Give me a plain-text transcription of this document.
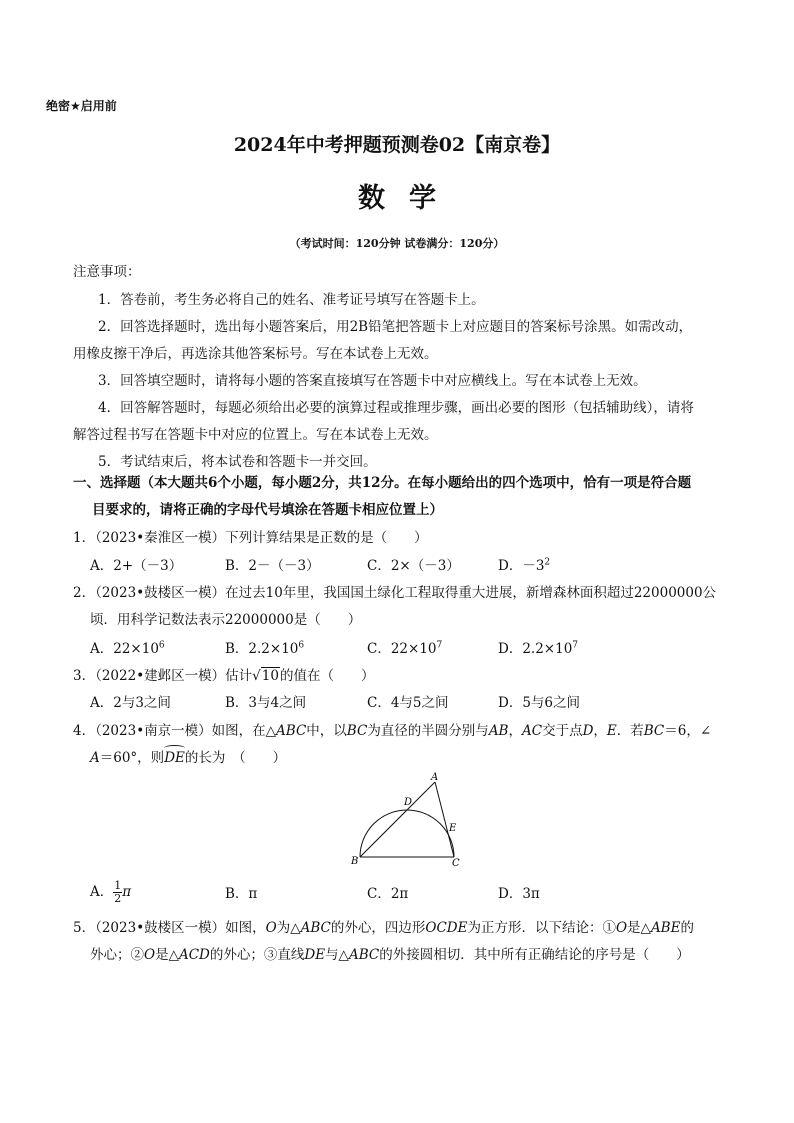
绝密★启用前
2024年中考押题预测卷02【南京卷】
数学
（考试时间：120分钟 试卷满分：120分）
注意事项：
1．答卷前，考生务必将自己的姓名、准考证号填写在答题卡上。
2．回答选择题时，选出每小题答案后，用2B铅笔把答题卡上对应题目的答案标号涂黑。如需改动，
用橡皮擦干净后，再选涂其他答案标号。写在本试卷上无效。
3．回答填空题时，请将每小题的答案直接填写在答题卡中对应横线上。写在本试卷上无效。
4．回答解答题时，每题必须给出必要的演算过程或推理步骤，画出必要的图形（包括辅助线），请将
解答过程书写在答题卡中对应的位置上。写在本试卷上无效。
5．考试结束后，将本试卷和答题卡一并交回。
一、选择题（本大题共6个小题，每小题2分，共12分。在每小题给出的四个选项中，恰有一项是符合题
目要求的，请将正确的字母代号填涂在答题卡相应位置上）
1．（2023•秦淮区一模）下列计算结果是正数的是（　　）
A．2+（－3）	B．2－（－3）	C．2×（－3）	D．$-3^2$
2．（2023•鼓楼区一模）在过去10年里，我国国土绿化工程取得重大进展，新增森林面积超过22000000公
顷．用科学记数法表示22000000是（　　）
A．$22\times 10^6$	B．$2.2\times 10^6$	C．$22\times 10^7$	D．$2.2\times 10^7$
3．（2022•建邺区一模）估计√10的值在（　　）
A．2与3之间	B．3与4之间	C．4与5之间	D．5与6之间
4．（2023•南京一模）如图，在△ABC中，以BC为直径的半圆分别与AB，AC交于点D，E．若BC＝6，∠
A＝60°，则DE的长为　（　　）
A
B	C
D
E
A． $\frac{1}{2}$ π	B．π	C．2π	D．3π
5．（2023•鼓楼区一模）如图，O为△ABC的外心，四边形OCDE为正方形．以下结论：①O是△ABE的
外心；②O是△ACD的外心；③直线DE与△ABC的外接圆相切．其中所有正确结论的序号是（　　）
